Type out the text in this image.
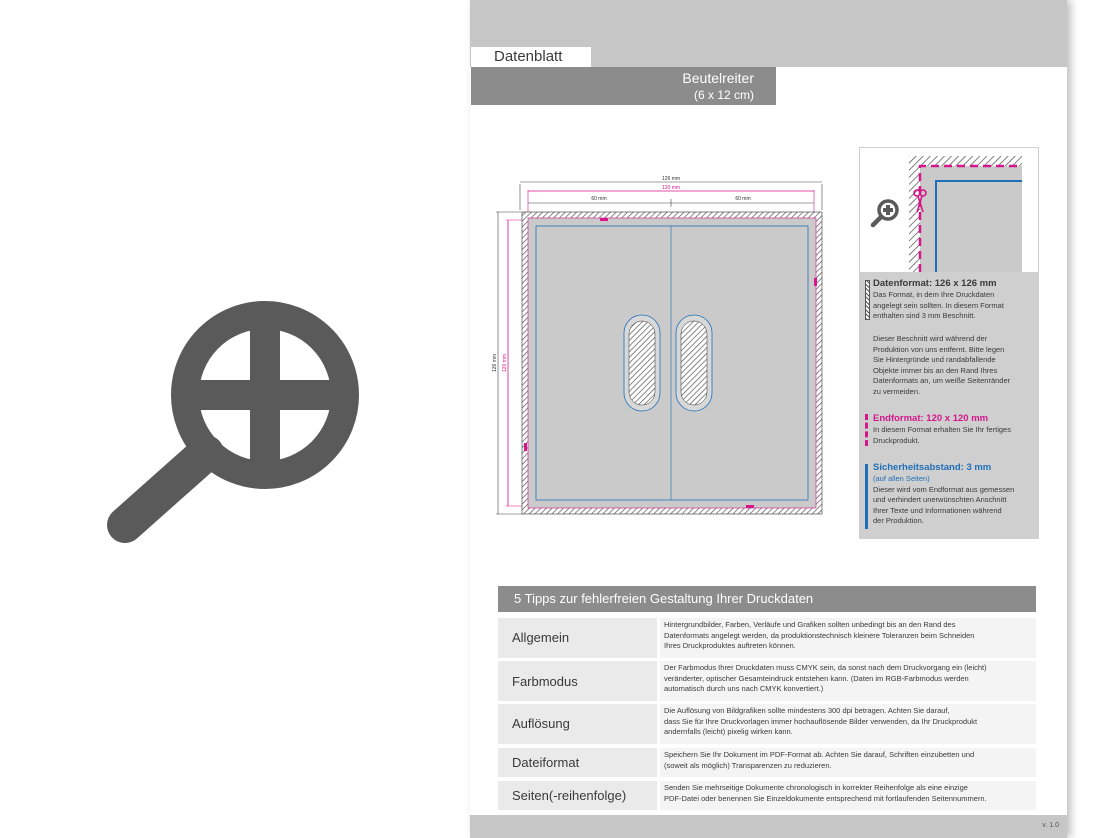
Datenblatt
Beutelreiter
(6 x 12 cm)
126 mm
120 mm
60 mm	60 mm
126 mm 120 mm
Datenformat: 126 x 126 mm
Das Format, in dem Ihre Druckdaten
angelegt sein sollten. In diesem Format
enthalten sind 3 mm Beschnitt.
Dieser Beschnitt wird während der
Produktion von uns entfernt. Bitte legen
Sie Hintergründe und randabfallende
Objekte immer bis an den Rand Ihres
Datenformats an, um weiße Seitenränder
zu vermeiden.
Endformat: 120 x 120 mm
In diesem Format erhalten Sie Ihr fertiges
Druckprodukt.
Sicherheitsabstand: 3 mm
(auf allen Seiten)
Dieser wird vom Endformat aus gemessen
und verhindert unerwünschten Anschnitt
Ihrer Texte und Informationen während
der Produktion.
5 Tipps zur fehlerfreien Gestaltung Ihrer Druckdaten
Allgemein
Hintergrundbilder, Farben, Verläufe und Grafiken sollten unbedingt bis an den Rand des
Datenformats angelegt werden, da produktionstechnisch kleinere Toleranzen beim Schneiden
Ihres Druckproduktes auftreten können.
Farbmodus
Der Farbmodus Ihrer Druckdaten muss CMYK sein, da sonst nach dem Druckvorgang ein (leicht)
veränderter, optischer Gesamteindruck entstehen kann. (Daten im RGB-Farbmodus werden
automatisch durch uns nach CMYK konvertiert.)
Auflösung
Die Auflösung von Bildgrafiken sollte mindestens 300 dpi betragen. Achten Sie darauf,
dass Sie für Ihre Druckvorlagen immer hochauflösende Bilder verwenden, da Ihr Druckprodukt
andernfalls (leicht) pixelig wirken kann.
Dateiformat
Speichern Sie Ihr Dokument im PDF-Format ab. Achten Sie darauf, Schriften einzubetten und
(soweit als möglich) Transparenzen zu reduzieren.
Seiten(-reihenfolge)
Senden Sie mehrseitige Dokumente chronologisch in korrekter Reihenfolge als eine einzige
PDF-Datei oder benennen Sie Einzeldokumente entsprechend mit fortlaufenden Seitennummern.
v. 1.0
